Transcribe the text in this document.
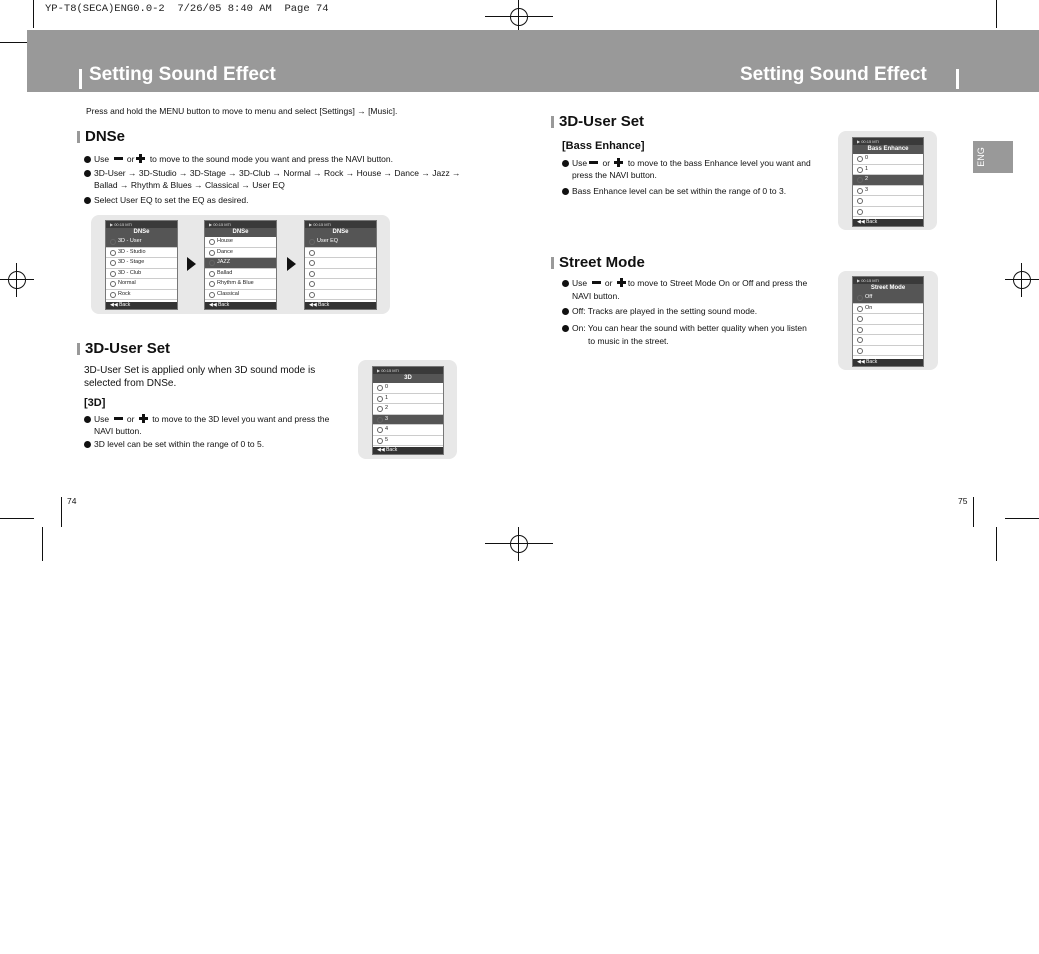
YP-T8(SECA)ENG0.0-2  7/26/05 8:40 AM  Page 74
Setting Sound Effect	Setting Sound Effect
Press and hold the MENU button to move to menu and select [Settings] → [Music].
DNSe
Use or to move to the sound mode you want and press the NAVI button.
3D-User → 3D-Studio → 3D-Stage → 3D-Club → Normal → Rock → House → Dance → Jazz →
Ballad → Rhythm & Blues → Classical → User EQ
Select User EQ to set the EQ as desired.
▶ 00:15 MTI
DNSe
3D - User
3D - Studio
3D - Stage
3D - Club
Normal
Rock
◀◀ Back
▶ 00:15 MTI
DNSe
House
Dance
JAZZ
Ballad
Rhythm & Blue
Classical
◀◀ Back
▶ 00:15 MTI
DNSe
User EQ
◀◀ Back
3D-User Set
3D-User Set is applied only when 3D sound mode is
selected from DNSe.
[3D]
Use or to move to the 3D level you want and press the
NAVI button.
3D level can be set within the range of 0 to 5.
▶ 00:15 MTI
3D
0
1
2
3
4
5
◀◀ Back
3D-User Set
[Bass Enhance]
Use or to move to the bass Enhance level you want and
press the NAVI button.
Bass Enhance level can be set within the range of 0 to 3.
▶ 00:15 MTI
Bass Enhance
0
1
2
3
◀◀ Back
Street Mode
Use or to move to Street Mode On or Off and press the
NAVI button.
Off: Tracks are played in the setting sound mode.
On: You can hear the sound with better quality when you listen
to music in the street.
▶ 00:15 MTI
Street Mode
Off
On
◀◀ Back
ENG
74	75
